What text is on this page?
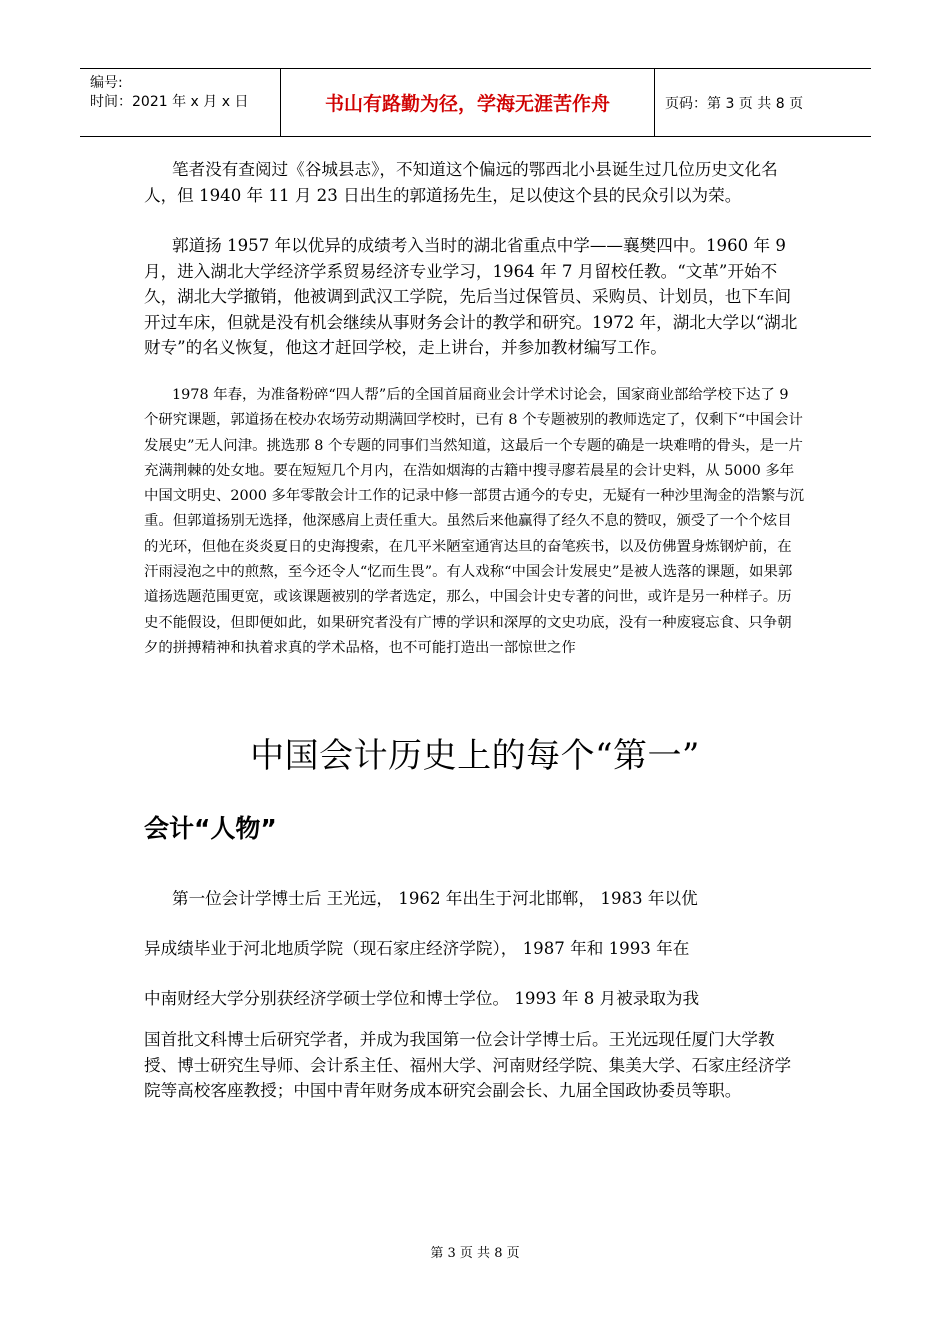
编号:
时间：2021 年 x 月 x 日	书山有路勤为径，学海无涯苦作舟	页码：第 3 页 共 8 页

笔者没有查阅过《谷城县志》，不知道这个偏远的鄂西北小县诞生过几位历史文化名人，但 1940 年 11 月 23 日出生的郭道扬先生，足以使这个县的民众引以为荣。

郭道扬 1957 年以优异的成绩考入当时的湖北省重点中学——襄樊四中。1960 年 9 月，进入湖北大学经济学系贸易经济专业学习，1964 年 7 月留校任教。“文革”开始不久，湖北大学撤销，他被调到武汉工学院，先后当过保管员、采购员、计划员，也下车间开过车床，但就是没有机会继续从事财务会计的教学和研究。1972 年，湖北大学以“湖北财专”的名义恢复，他这才赶回学校，走上讲台，并参加教材编写工作。

1978 年春，为准备粉碎“四人帮”后的全国首届商业会计学术讨论会，国家商业部给学校下达了 9 个研究课题，郭道扬在校办农场劳动期满回学校时，已有 8 个专题被别的教师选定了，仅剩下“中国会计发展史”无人问津。挑选那 8 个专题的同事们当然知道，这最后一个专题的确是一块难啃的骨头，是一片充满荆棘的处女地。要在短短几个月内，在浩如烟海的古籍中搜寻廖若晨星的会计史料，从 5000 多年中国文明史、2000 多年零散会计工作的记录中修一部贯古通今的专史，无疑有一种沙里淘金的浩繁与沉重。但郭道扬别无选择，他深感肩上责任重大。虽然后来他赢得了经久不息的赞叹，颁受了一个个炫目的光环，但他在炎炎夏日的史海搜索，在几平米陋室通宵达旦的奋笔疾书，以及仿佛置身炼钢炉前，在汗雨浸泡之中的煎熬，至今还令人“忆而生畏”。有人戏称“中国会计发展史”是被人选落的课题，如果郭道扬选题范围更宽，或该课题被别的学者选定，那么，中国会计史专著的问世，或许是另一种样子。历史不能假设，但即便如此，如果研究者没有广博的学识和深厚的文史功底，没有一种废寝忘食、只争朝夕的拼搏精神和执着求真的学术品格，也不可能打造出一部惊世之作

中国会计历史上的每个“第一”
会计“人物”
第一位会计学博士后 王光远， 1962 年出生于河北邯郸， 1983 年以优
异成绩毕业于河北地质学院（现石家庄经济学院）， 1987 年和 1993 年在
中南财经大学分别获经济学硕士学位和博士学位。 1993 年 8 月被录取为我

国首批文科博士后研究学者，并成为我国第一位会计学博士后。王光远现任厦门大学教授、博士研究生导师、会计系主任、福州大学、河南财经学院、集美大学、石家庄经济学院等高校客座教授；中国中青年财务成本研究会副会长、九届全国政协委员等职。

第 3 页 共 8 页
